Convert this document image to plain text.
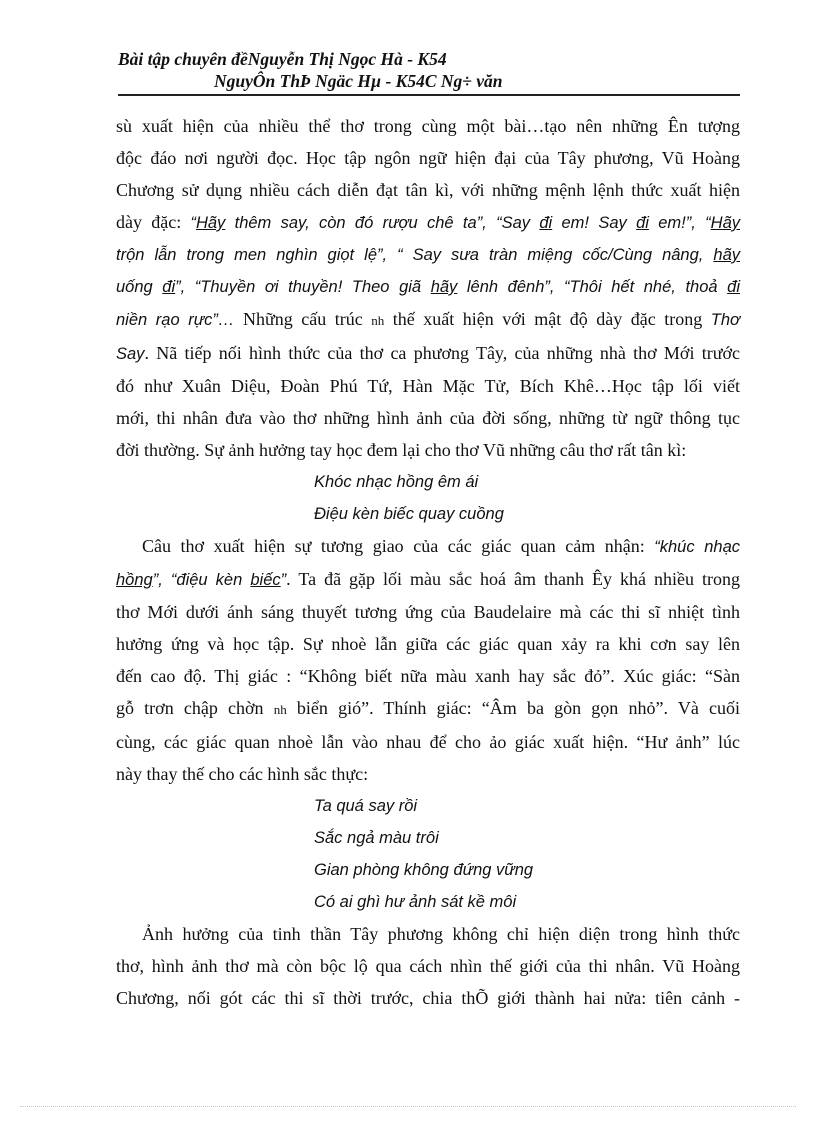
Bài tập chuyên đềNguyễn Thị Ngọc Hà - K54
NguyÔn ThÞ Ngäc Hµ - K54C Ng÷ văn

sù xuất hiện của nhiều thể thơ trong cùng một bài…tạo nên những Ên tượng

độc đáo nơi người đọc. Học tập ngôn ngữ hiện đại của Tây phương, Vũ Hoàng

Chương sử dụng nhiều cách diễn đạt tân kì, với những mệnh lệnh thức xuất hiện

dày đặc: “Hãy thêm say, còn đó rượu chê ta”, “Say đi em! Say đi em!”, “Hãy

trộn lẫn trong men nghìn giọt lệ”, “ Say sưa tràn miệng cốc/Cùng nâng, hãy

uống đi”, “Thuyền ơi thuyền! Theo giã hãy lênh đênh”, “Thôi hết nhé, thoả đi

niền rạo rực”… Những cấu trúc nh thế xuất hiện với mật độ dày đặc trong Thơ

Say. Nã tiếp nối hình thức của thơ ca phương Tây, của những nhà thơ Mới trước

đó như Xuân Diệu, Đoàn Phú Tứ, Hàn Mặc Tử, Bích Khê…Học tập lối viết

mới, thi nhân đưa vào thơ những hình ảnh của đời sống, những từ ngữ thông tục

đời thường. Sự ảnh hưởng tay học đem lại cho thơ Vũ những câu thơ rất tân kì:

Khóc nhạc hồng êm ái

Điệu kèn biếc quay cuồng

Câu thơ xuất hiện sự tương giao của các giác quan cảm nhận: “khúc nhạc

hồng”, “điệu kèn biếc”. Ta đã gặp lối màu sắc hoá âm thanh Êy khá nhiều trong

thơ Mới dưới ánh sáng thuyết tương ứng của Baudelaire mà các thi sĩ nhiệt tình

hưởng ứng và học tập. Sự nhoè lẫn giữa các giác quan xảy ra khi cơn say lên

đến cao độ. Thị giác : “Không biết nữa màu xanh hay sắc đỏ”. Xúc giác: “Sàn

gỗ trơn chập chờn nh biển gió”. Thính giác: “Âm ba gòn gọn nhỏ”. Và cuối

cùng, các giác quan nhoè lẫn vào nhau để cho ảo giác xuất hiện. “Hư ảnh” lúc

này thay thế cho các hình sắc thực:

Ta quá say rồi

Sắc ngả màu trôi

Gian phòng không đứng vững

Có ai ghì hư ảnh sát kề môi

Ảnh hưởng của tinh thần Tây phương không chỉ hiện diện trong hình thức

thơ, hình ảnh thơ mà còn bộc lộ qua cách nhìn thế giới của thi nhân. Vũ Hoàng

Chương, nối gót các thi sĩ thời trước, chia thÕ giới thành hai nửa: tiên cảnh -
